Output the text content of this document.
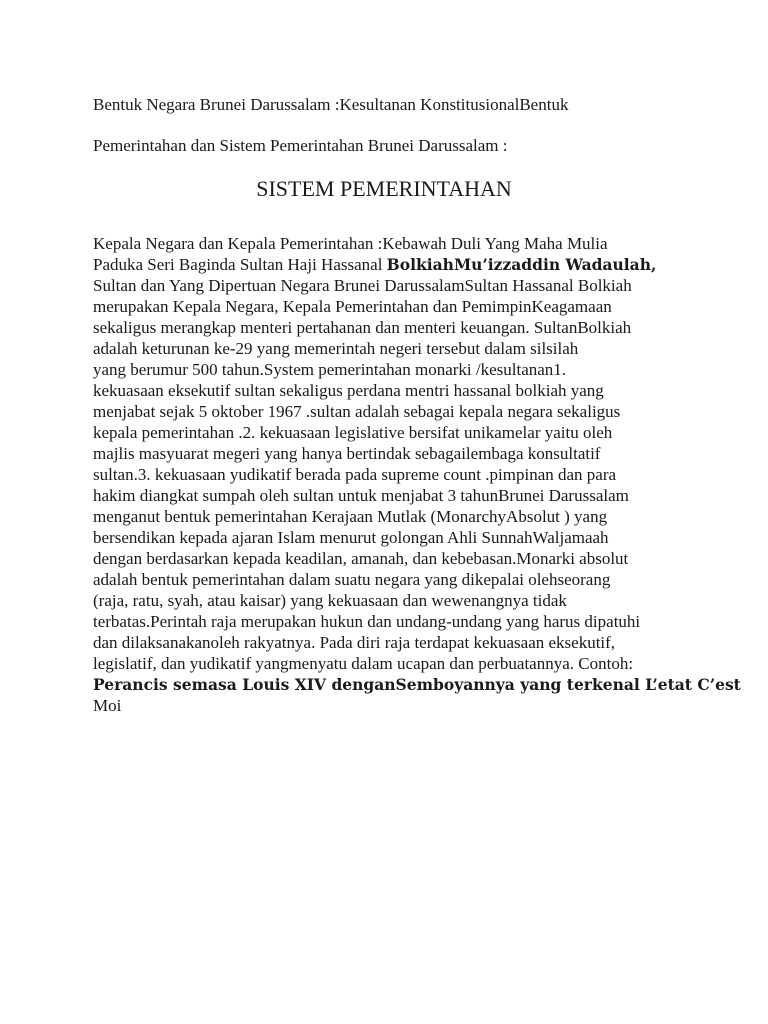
Bentuk Negara Brunei Darussalam :Kesultanan KonstitusionalBentuk
Pemerintahan dan Sistem Pemerintahan Brunei Darussalam :
SISTEM PEMERINTAHAN
Kepala Negara dan Kepala Pemerintahan :Kebawah Duli Yang Maha Mulia
Paduka Seri Baginda Sultan Haji Hassanal BolkiahMu’izzaddin Wadaulah,
Sultan dan Yang Dipertuan Negara Brunei DarussalamSultan Hassanal Bolkiah
merupakan Kepala Negara, Kepala Pemerintahan dan PemimpinKeagamaan
sekaligus merangkap menteri pertahanan dan menteri keuangan. SultanBolkiah
adalah keturunan ke-29 yang memerintah negeri tersebut dalam silsilah
yang berumur 500 tahun.System pemerintahan monarki /kesultanan1.
kekuasaan eksekutif sultan sekaligus perdana mentri hassanal bolkiah yang
menjabat sejak 5 oktober 1967 .sultan adalah sebagai kepala negara sekaligus
kepala pemerintahan .2. kekuasaan legislative bersifat unikamelar yaitu oleh
majlis masyuarat megeri yang hanya bertindak sebagailembaga konsultatif
sultan.3. kekuasaan yudikatif berada pada supreme count .pimpinan dan para
hakim diangkat sumpah oleh sultan untuk menjabat 3 tahunBrunei Darussalam
menganut bentuk pemerintahan Kerajaan Mutlak (MonarchyAbsolut ) yang
bersendikan kepada ajaran Islam menurut golongan Ahli SunnahWaljamaah
dengan berdasarkan kepada keadilan, amanah, dan kebebasan.Monarki absolut
adalah bentuk pemerintahan dalam suatu negara yang dikepalai olehseorang
(raja, ratu, syah, atau kaisar) yang kekuasaan dan wewenangnya tidak
terbatas.Perintah raja merupakan hukun dan undang-undang yang harus dipatuhi
dan dilaksanakanoleh rakyatnya. Pada diri raja terdapat kekuasaan eksekutif,
legislatif, dan yudikatif yangmenyatu dalam ucapan dan perbuatannya. Contoh:
Perancis semasa Louis XIV denganSemboyannya yang terkenal L’etat C’est
Moi
